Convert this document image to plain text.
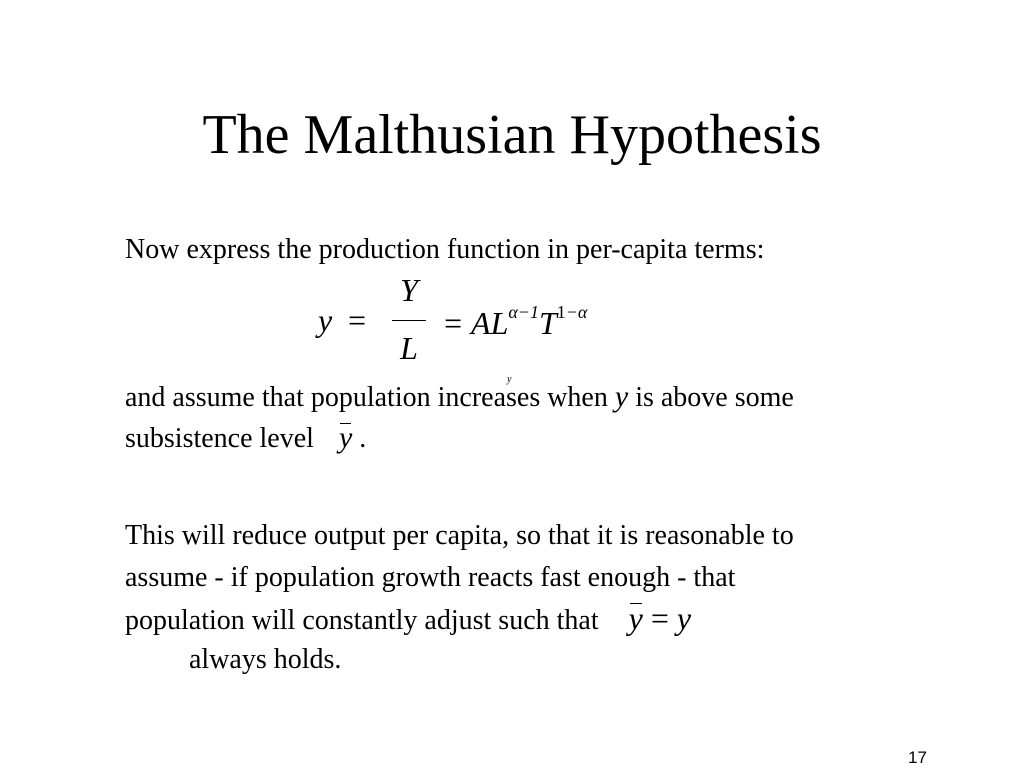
The Malthusian Hypothesis
Now express the production function in per-capita terms:
y =
Y
L
= $AL^{\alpha-1}T^{1-\alpha}$
y
and assume that population increases when y is above some
subsistence level y .
This will reduce output per capita, so that it is reasonable to
assume - if population growth reacts fast enough - that
population will constantly adjust such that y = y
always holds.
17
